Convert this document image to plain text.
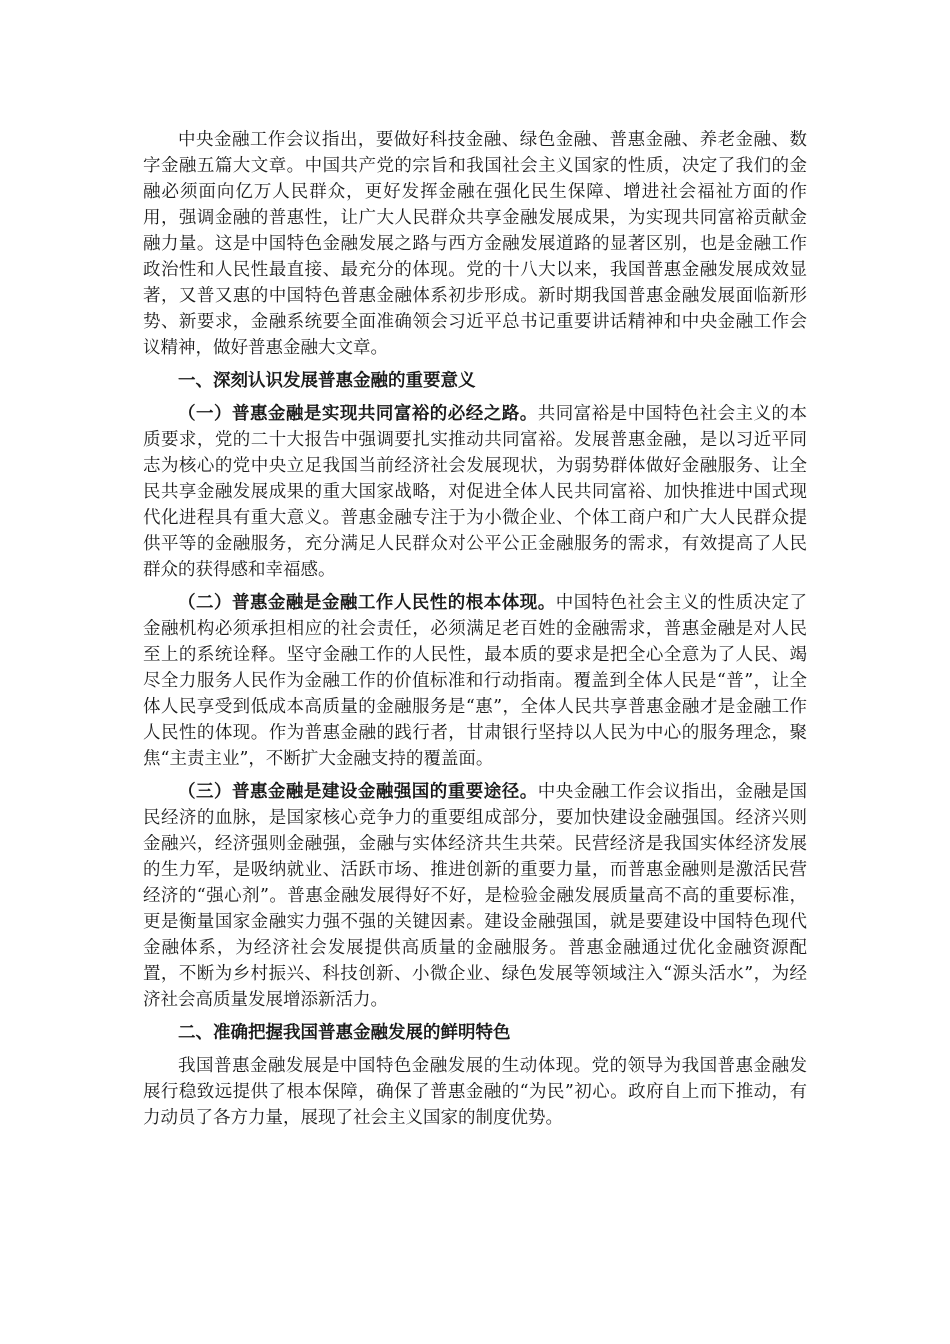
中央金融工作会议指出，要做好科技金融、绿色金融、普惠金融、养老金融、数字金融五篇大文章。中国共产党的宗旨和我国社会主义国家的性质，决定了我们的金融必须面向亿万人民群众，更好发挥金融在强化民生保障、增进社会福祉方面的作用，强调金融的普惠性，让广大人民群众共享金融发展成果，为实现共同富裕贡献金融力量。这是中国特色金融发展之路与西方金融发展道路的显著区别，也是金融工作政治性和人民性最直接、最充分的体现。党的十八大以来，我国普惠金融发展成效显著，又普又惠的中国特色普惠金融体系初步形成。新时期我国普惠金融发展面临新形势、新要求，金融系统要全面准确领会习近平总书记重要讲话精神和中央金融工作会议精神，做好普惠金融大文章。

一、深刻认识发展普惠金融的重要意义

（一）普惠金融是实现共同富裕的必经之路。共同富裕是中国特色社会主义的本质要求，党的二十大报告中强调要扎实推动共同富裕。发展普惠金融，是以习近平同志为核心的党中央立足我国当前经济社会发展现状，为弱势群体做好金融服务、让全民共享金融发展成果的重大国家战略，对促进全体人民共同富裕、加快推进中国式现代化进程具有重大意义。普惠金融专注于为小微企业、个体工商户和广大人民群众提供平等的金融服务，充分满足人民群众对公平公正金融服务的需求，有效提高了人民群众的获得感和幸福感。

（二）普惠金融是金融工作人民性的根本体现。中国特色社会主义的性质决定了金融机构必须承担相应的社会责任，必须满足老百姓的金融需求，普惠金融是对人民至上的系统诠释。坚守金融工作的人民性，最本质的要求是把全心全意为了人民、竭尽全力服务人民作为金融工作的价值标准和行动指南。覆盖到全体人民是“普”，让全体人民享受到低成本高质量的金融服务是“惠”，全体人民共享普惠金融才是金融工作人民性的体现。作为普惠金融的践行者，甘肃银行坚持以人民为中心的服务理念，聚焦“主责主业”，不断扩大金融支持的覆盖面。

（三）普惠金融是建设金融强国的重要途径。中央金融工作会议指出，金融是国民经济的血脉，是国家核心竞争力的重要组成部分，要加快建设金融强国。经济兴则金融兴，经济强则金融强，金融与实体经济共生共荣。民营经济是我国实体经济发展的生力军，是吸纳就业、活跃市场、推进创新的重要力量，而普惠金融则是激活民营经济的“强心剂”。普惠金融发展得好不好，是检验金融发展质量高不高的重要标准，更是衡量国家金融实力强不强的关键因素。建设金融强国，就是要建设中国特色现代金融体系，为经济社会发展提供高质量的金融服务。普惠金融通过优化金融资源配置，不断为乡村振兴、科技创新、小微企业、绿色发展等领域注入“源头活水”，为经济社会高质量发展增添新活力。

二、准确把握我国普惠金融发展的鲜明特色

我国普惠金融发展是中国特色金融发展的生动体现。党的领导为我国普惠金融发展行稳致远提供了根本保障，确保了普惠金融的“为民”初心。政府自上而下推动，有力动员了各方力量，展现了社会主义国家的制度优势。
